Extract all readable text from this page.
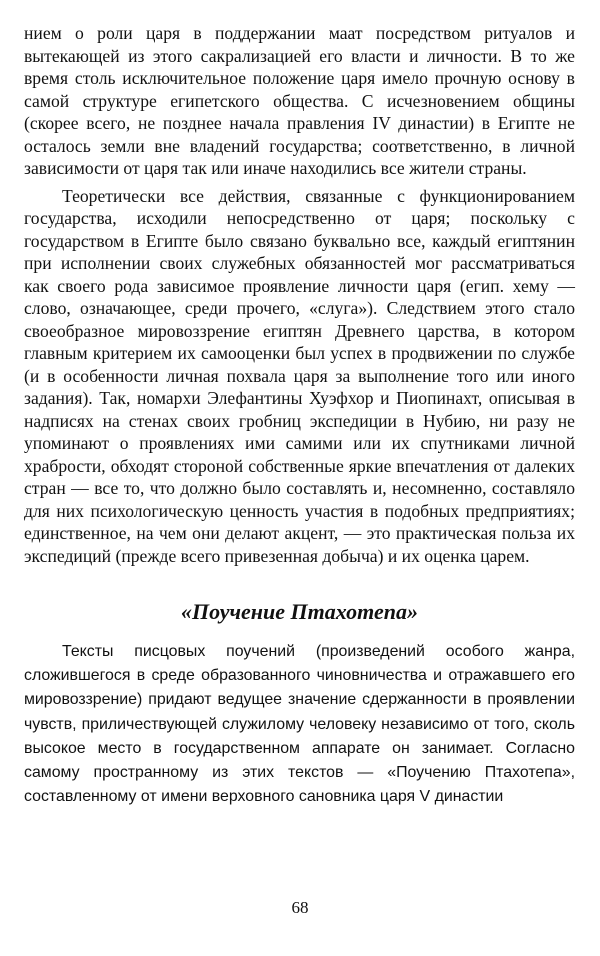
нием о роли царя в поддержании маат посредством ритуалов и вытекающей из этого сакрализацией его власти и личности. В то же время столь исключительное положение царя имело прочную основу в самой структуре египетского общества. С исчезновением общины (скорее всего, не позднее начала правления IV династии) в Египте не осталось земли вне владений государства; соответственно, в личной зависимости от царя так или иначе находились все жители страны.

Теоретически все действия, связанные с функционированием государства, исходили непосредственно от царя; поскольку с государством в Египте было связано буквально все, каждый египтянин при исполнении своих служебных обязанностей мог рассматриваться как своего рода зависимое проявление личности царя (егип. хему — слово, означающее, среди прочего, «слуга»). Следствием этого стало своеобразное мировоззрение египтян Древнего царства, в котором главным критерием их самооценки был успех в продвижении по службе (и в особенности личная похвала царя за выполнение того или иного задания). Так, номархи Элефантины Хуэфхор и Пиопинахт, описывая в надписях на стенах своих гробниц экспедиции в Нубию, ни разу не упоминают о проявлениях ими самими или их спутниками личной храбрости, обходят стороной собственные яркие впечатления от далеких стран — все то, что должно было составлять и, несомненно, составляло для них психологическую ценность участия в подобных предприятиях; единственное, на чем они делают акцент, — это практическая польза их экспедиций (прежде всего привезенная добыча) и их оценка царем.

«Поучение Птахотепа»

Тексты писцовых поучений (произведений особого жанра, сложившегося в среде образованного чиновничества и отражавшего его мировоззрение) придают ведущее значение сдержанности в проявлении чувств, приличествующей служилому человеку независимо от того, сколь высокое место в государственном аппарате он занимает. Согласно самому пространному из этих текстов — «Поучению Птахотепа», составленному от имени верховного сановника царя V династии

68
